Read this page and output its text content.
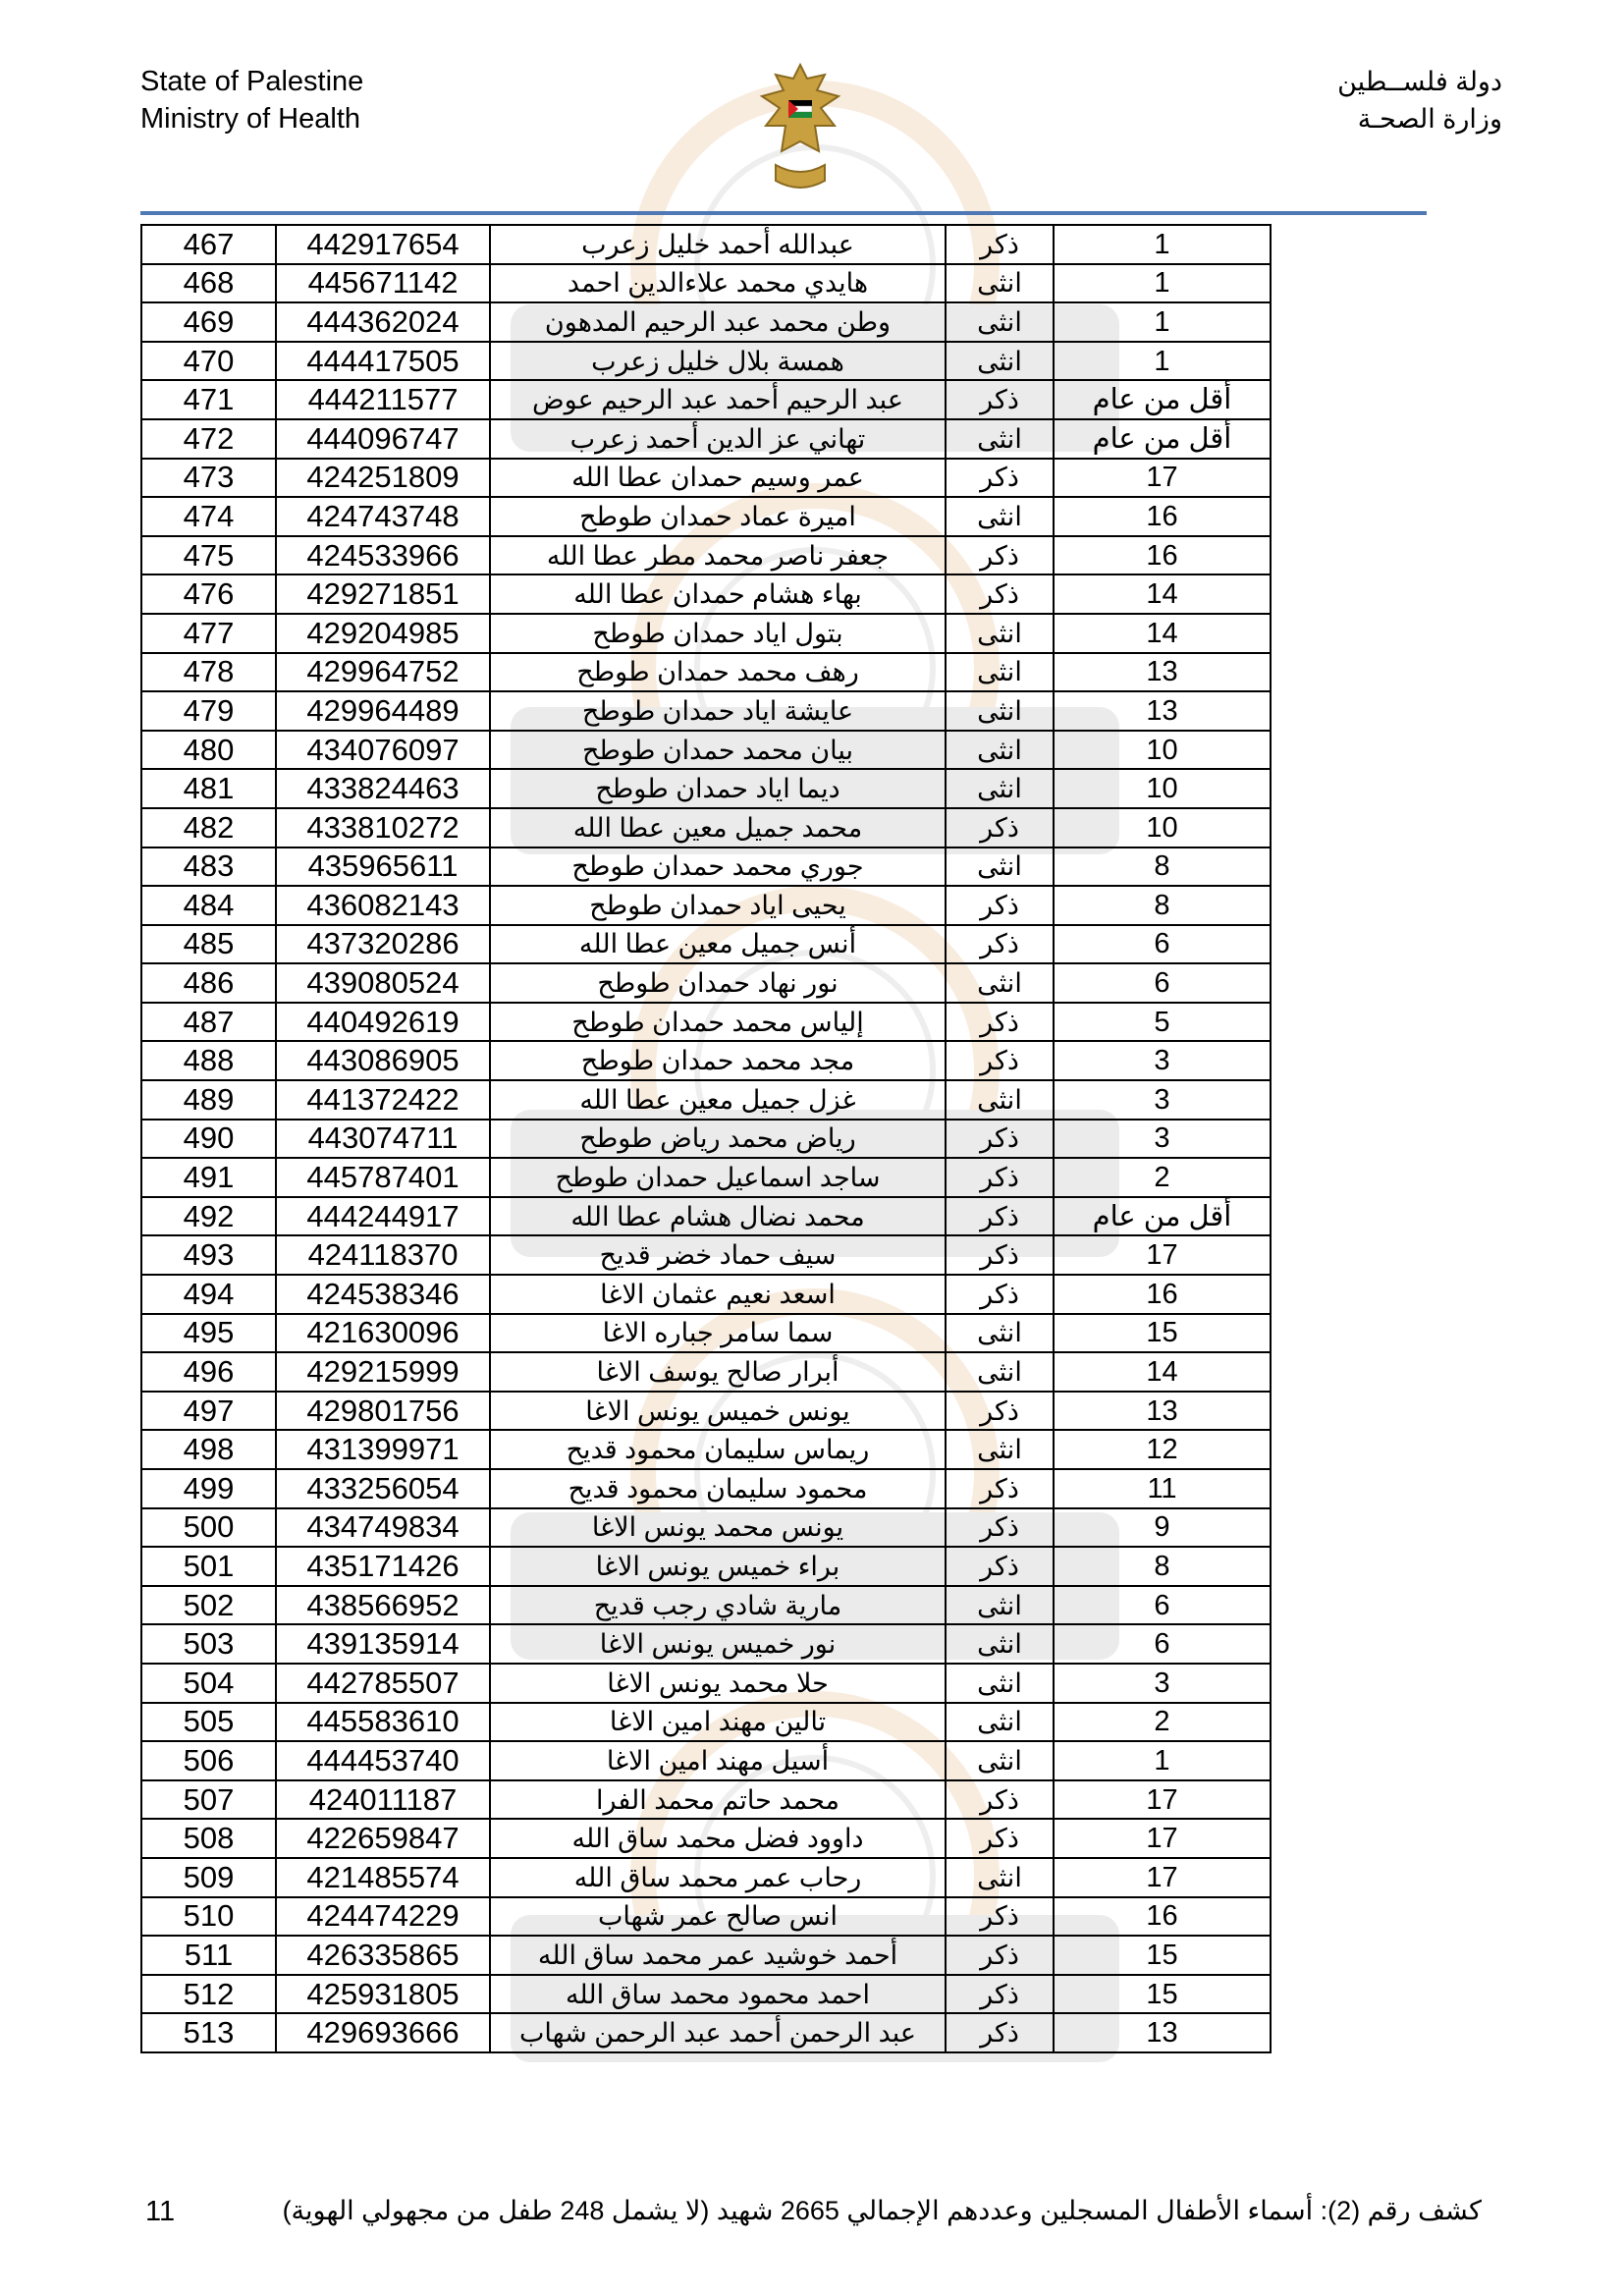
State of Palestine
Ministry of Health
دولة فلســطين
وزارة الصحـة
467	442917654	عبدالله أحمد خليل زعرب	ذكر	1
468	445671142	هايدي محمد علاءالدين احمد	انثى	1
469	444362024	وطن محمد عبد الرحيم المدهون	انثى	1
470	444417505	همسة بلال خليل زعرب	انثى	1
471	444211577	عبد الرحيم أحمد عبد الرحيم عوض	ذكر	أقل من عام
472	444096747	تهاني عز الدين أحمد زعرب	انثى	أقل من عام
473	424251809	عمر وسيم حمدان عطا الله	ذكر	17
474	424743748	اميرة عماد حمدان طوطح	انثى	16
475	424533966	جعفر ناصر محمد مطر عطا الله	ذكر	16
476	429271851	بهاء هشام حمدان عطا الله	ذكر	14
477	429204985	بتول اياد حمدان طوطح	انثى	14
478	429964752	رهف محمد حمدان طوطح	انثى	13
479	429964489	عايشة اياد حمدان طوطح	انثى	13
480	434076097	بيان محمد حمدان طوطح	انثى	10
481	433824463	ديما اياد حمدان طوطح	انثى	10
482	433810272	محمد جميل معين عطا الله	ذكر	10
483	435965611	جوري محمد حمدان طوطح	انثى	8
484	436082143	يحيى اياد حمدان طوطح	ذكر	8
485	437320286	أنس جميل معين عطا الله	ذكر	6
486	439080524	نور نهاد حمدان طوطح	انثى	6
487	440492619	إلياس محمد حمدان طوطح	ذكر	5
488	443086905	مجد محمد حمدان طوطح	ذكر	3
489	441372422	غزل جميل معين عطا الله	انثى	3
490	443074711	رياض محمد رياض طوطح	ذكر	3
491	445787401	ساجد اسماعيل حمدان طوطح	ذكر	2
492	444244917	محمد نضال هشام عطا الله	ذكر	أقل من عام
493	424118370	سيف حماد خضر قديح	ذكر	17
494	424538346	اسعد نعيم عثمان الاغا	ذكر	16
495	421630096	سما سامر جباره الاغا	انثى	15
496	429215999	أبرار صالح يوسف الاغا	انثى	14
497	429801756	يونس خميس يونس الاغا	ذكر	13
498	431399971	ريماس سليمان محمود قديح	انثى	12
499	433256054	محمود سليمان محمود قديح	ذكر	11
500	434749834	يونس محمد يونس الاغا	ذكر	9
501	435171426	براء خميس يونس الاغا	ذكر	8
502	438566952	مارية شادي رجب قديح	انثى	6
503	439135914	نور خميس يونس الاغا	انثى	6
504	442785507	حلا محمد يونس الاغا	انثى	3
505	445583610	تالين مهند امين الاغا	انثى	2
506	444453740	أسيل مهند امين الاغا	انثى	1
507	424011187	محمد حاتم محمد الفرا	ذكر	17
508	422659847	داوود فضل محمد ساق الله	ذكر	17
509	421485574	رحاب عمر محمد ساق الله	انثى	17
510	424474229	انس صالح عمر شهاب	ذكر	16
511	426335865	أحمد خوشيد عمر محمد ساق الله	ذكر	15
512	425931805	احمد محمود محمد ساق الله	ذكر	15
513	429693666	عبد الرحمن أحمد عبد الرحمن شهاب	ذكر	13
كشف رقم (2): أسماء الأطفال المسجلين وعددهم الإجمالي 2665 شهيد (لا يشمل 248 طفل من مجهولي الهوية)
11
